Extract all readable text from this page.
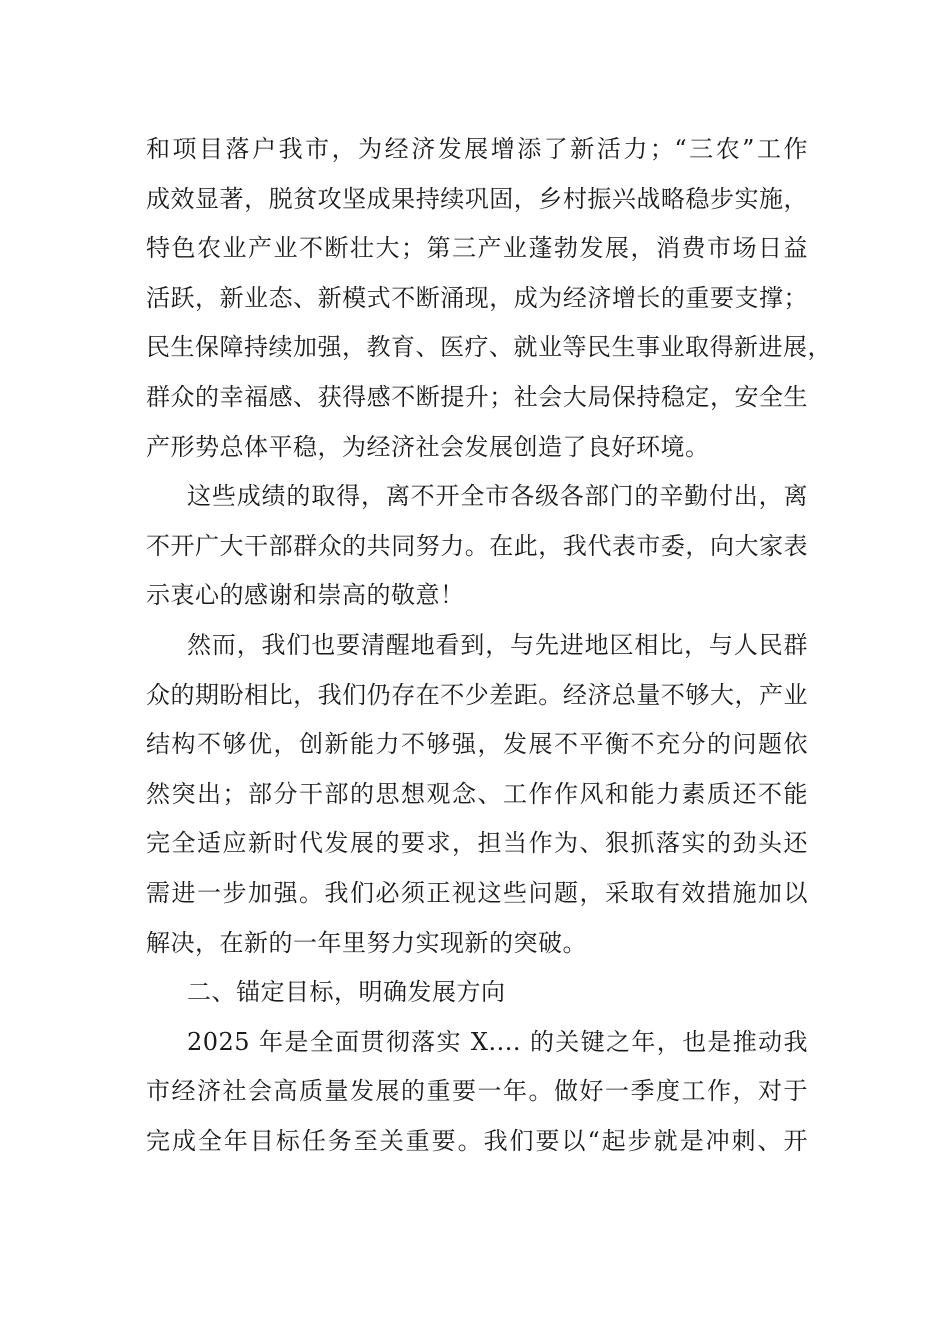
和项目落户我市，为经济发展增添了新活力；“三农”工作
成效显著，脱贫攻坚成果持续巩固，乡村振兴战略稳步实施，
特色农业产业不断壮大；第三产业蓬勃发展，消费市场日益
活跃，新业态、新模式不断涌现，成为经济增长的重要支撑；
民生保障持续加强，教育、医疗、就业等民生事业取得新进展，
群众的幸福感、获得感不断提升；社会大局保持稳定，安全生
产形势总体平稳，为经济社会发展创造了良好环境。
这些成绩的取得，离不开全市各级各部门的辛勤付出，离
不开广大干部群众的共同努力。在此，我代表市委，向大家表
示衷心的感谢和崇高的敬意！
然而，我们也要清醒地看到，与先进地区相比，与人民群
众的期盼相比，我们仍存在不少差距。经济总量不够大，产业
结构不够优，创新能力不够强，发展不平衡不充分的问题依
然突出；部分干部的思想观念、工作作风和能力素质还不能
完全适应新时代发展的要求，担当作为、狠抓落实的劲头还
需进一步加强。我们必须正视这些问题，采取有效措施加以
解决，在新的一年里努力实现新的突破。
二、锚定目标，明确发展方向
2025 年是全面贯彻落实 X.... 的关键之年，也是推动我
市经济社会高质量发展的重要一年。做好一季度工作，对于
完成全年目标任务至关重要。我们要以“起步就是冲刺、开
